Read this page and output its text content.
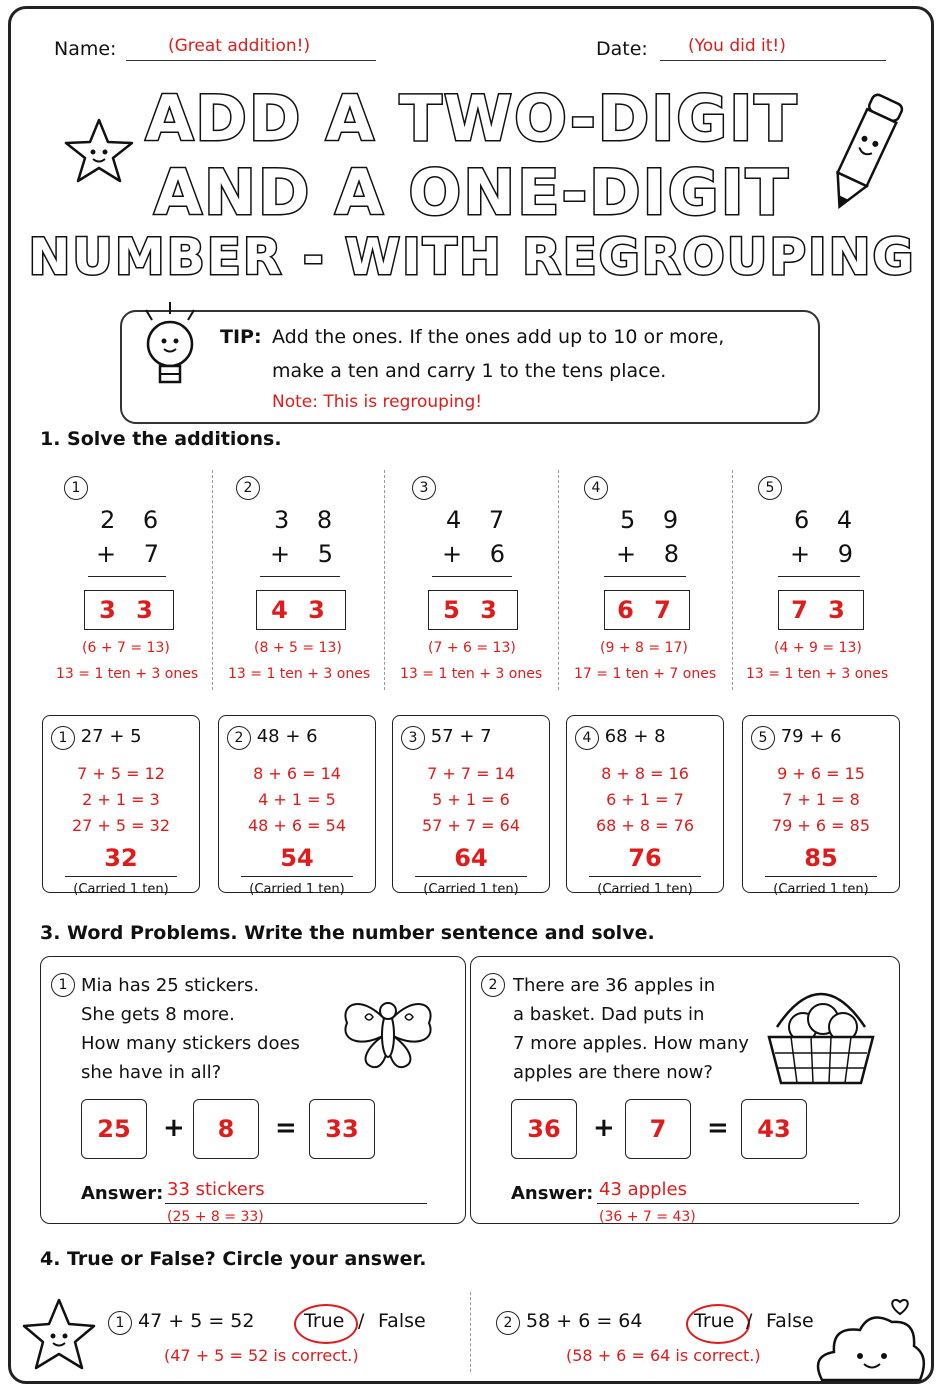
Name:	(Great addition!)	Date: (You did it!)
ADD A TWO-DIGIT
AND A ONE-DIGIT
NUMBER - WITH REGROUPING
TIP: Add the ones. If the ones add up to 10 or more,
make a ten and carry 1 to the tens place.
Note: This is regrouping!
1. Solve the additions.
1
2 6
+ 7
3 3
(6 + 7 = 13)
13 = 1 ten + 3 ones
2
3 8
+ 5
4 3
(8 + 5 = 13)
13 = 1 ten + 3 ones
3
4 7
+ 6
5 3
(7 + 6 = 13)
13 = 1 ten + 3 ones
4
5 9
+ 8
6 7
(9 + 8 = 17)
17 = 1 ten + 7 ones
5
6 4
+ 9
7 3
(4 + 9 = 13)
13 = 1 ten + 3 ones
1 27 + 5
7 + 5 = 12
2 + 1 = 3
27 + 5 = 32
32
(Carried 1 ten)
2 48 + 6
8 + 6 = 14
4 + 1 = 5
48 + 6 = 54
54
(Carried 1 ten)
3 57 + 7
7 + 7 = 14
5 + 1 = 6
57 + 7 = 64
64
(Carried 1 ten)
4 68 + 8
8 + 8 = 16
6 + 1 = 7
68 + 8 = 76
76
(Carried 1 ten)
5 79 + 6
9 + 6 = 15
7 + 1 = 8
79 + 6 = 85
85
(Carried 1 ten)
3. Word Problems. Write the number sentence and solve.
1 Mia has 25 stickers.
She gets 8 more.
How many stickers does
she have in all?
25	+	8	=	33
Answer: 33 stickers
(25 + 8 = 33)
2 There are 36 apples in
a basket. Dad puts in
7 more apples. How many
apples are there now?
36	+	7	=	43
Answer: 43 apples
(36 + 7 = 43)
4. True or False? Circle your answer.
1 47 + 5 = 52	True / False
(47 + 5 = 52 is correct.)
2 58 + 6 = 64	True / False
(58 + 6 = 64 is correct.)
